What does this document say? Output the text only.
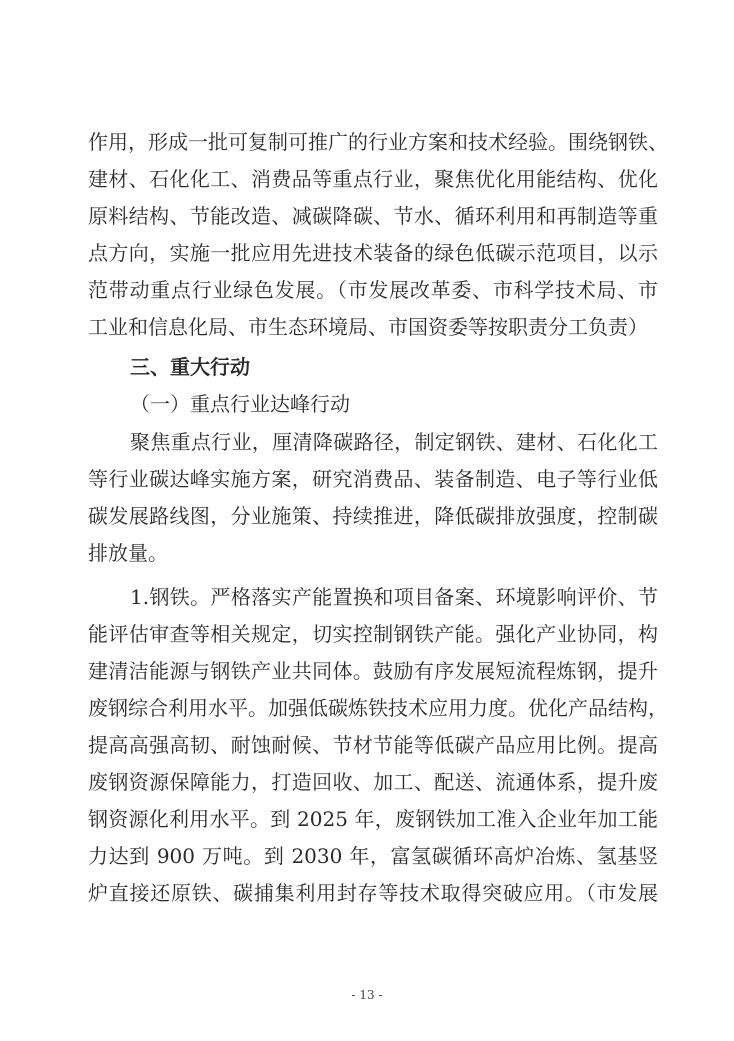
作用，形成一批可复制可推广的行业方案和技术经验。围绕钢铁、
建材、石化化工、消费品等重点行业，聚焦优化用能结构、优化
原料结构、节能改造、减碳降碳、节水、循环利用和再制造等重
点方向，实施一批应用先进技术装备的绿色低碳示范项目，以示
范带动重点行业绿色发展。（市发展改革委、市科学技术局、市
工业和信息化局、市生态环境局、市国资委等按职责分工负责）
三、重大行动
（一）重点行业达峰行动
聚焦重点行业，厘清降碳路径，制定钢铁、建材、石化化工
等行业碳达峰实施方案，研究消费品、装备制造、电子等行业低
碳发展路线图，分业施策、持续推进，降低碳排放强度，控制碳
排放量。
1.钢铁。严格落实产能置换和项目备案、环境影响评价、节
能评估审查等相关规定，切实控制钢铁产能。强化产业协同，构
建清洁能源与钢铁产业共同体。鼓励有序发展短流程炼钢，提升
废钢综合利用水平。加强低碳炼铁技术应用力度。优化产品结构，
提高高强高韧、耐蚀耐候、节材节能等低碳产品应用比例。提高
废钢资源保障能力，打造回收、加工、配送、流通体系，提升废
钢资源化利用水平。到 2025 年，废钢铁加工准入企业年加工能
力达到 900 万吨。到 2030 年，富氢碳循环高炉冶炼、氢基竖
炉直接还原铁、碳捕集利用封存等技术取得突破应用。（市发展
- 13 -
